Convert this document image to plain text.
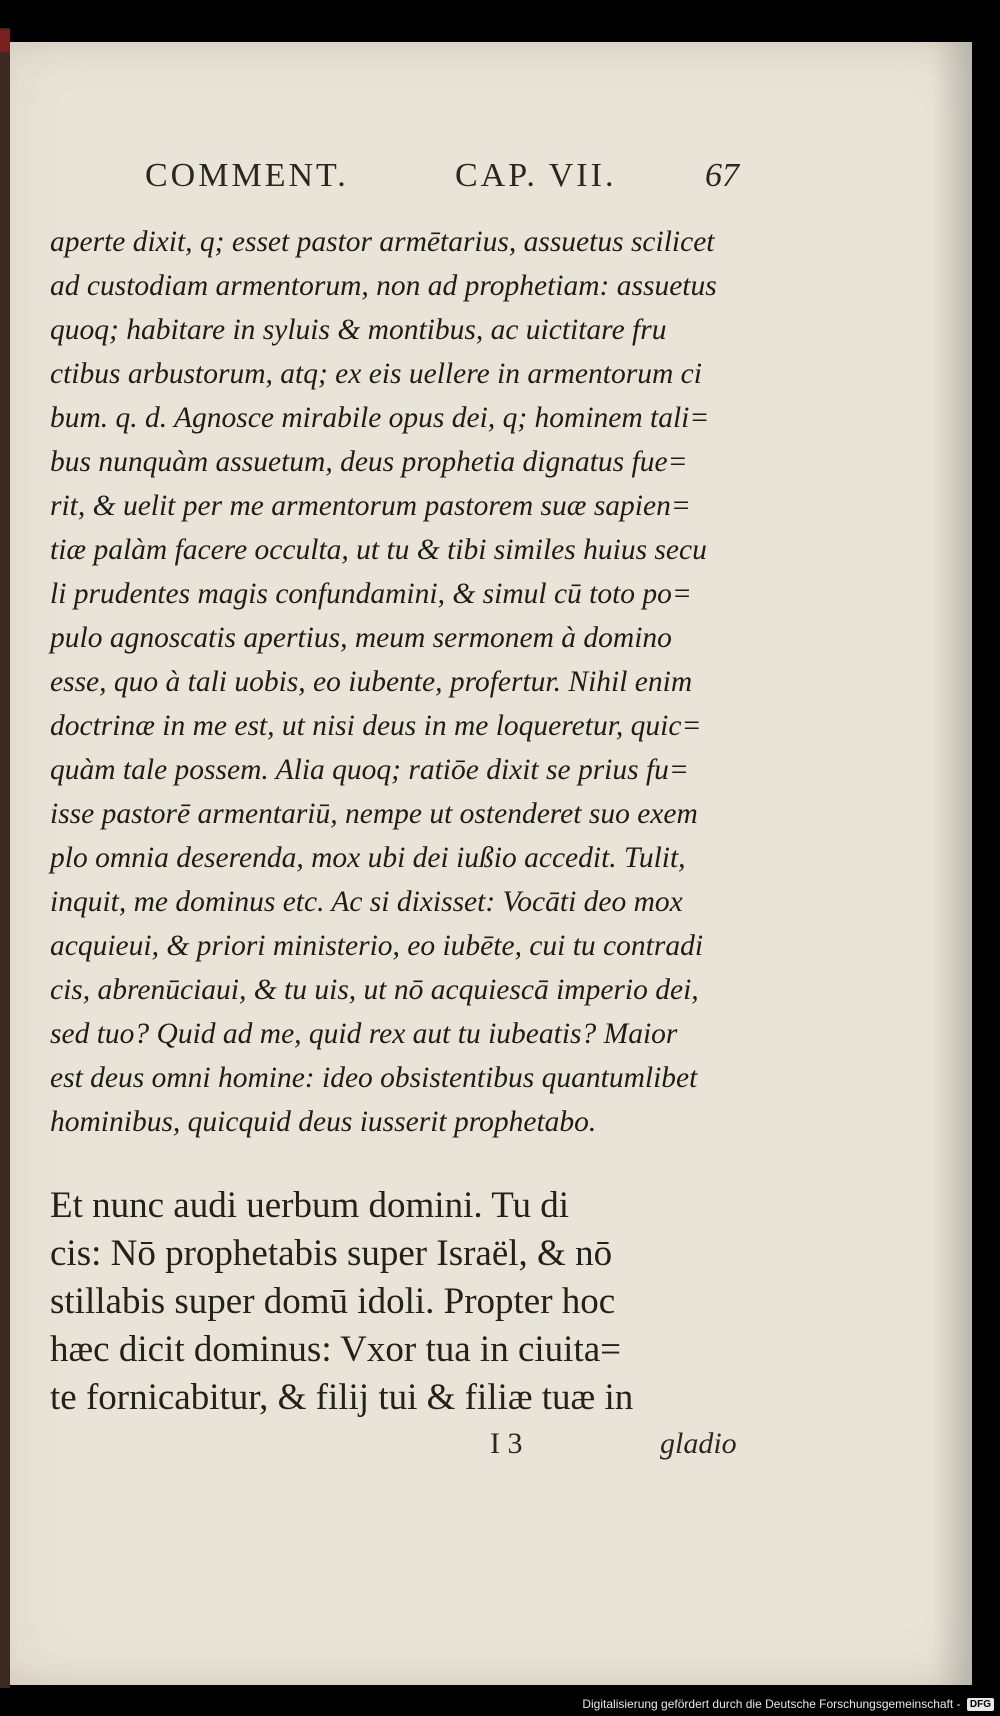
COMMENT.	CAP. VII.	67
aperte dixit, q; esset pastor armētarius, assuetus scilicet
ad custodiam armentorum, non ad prophetiam: assuetus
quoq; habitare in syluis & montibus, ac uictitare fru
ctibus arbustorum, atq; ex eis uellere in armentorum ci
bum. q. d. Agnosce mirabile opus dei, q; hominem tali=
bus nunquàm assuetum, deus prophetia dignatus fue=
rit, & uelit per me armentorum pastorem suæ sapien=
tiæ palàm facere occulta, ut tu & tibi similes huius secu
li prudentes magis confundamini, & simul cū toto po=
pulo agnoscatis apertius, meum sermonem à domino
esse, quo à tali uobis, eo iubente, profertur. Nihil enim
doctrinæ in me est, ut nisi deus in me loqueretur, quic=
quàm tale possem. Alia quoq; ratiōe dixit se prius fu=
isse pastorē armentariū, nempe ut ostenderet suo exem
plo omnia deserenda, mox ubi dei iußio accedit. Tulit,
inquit, me dominus etc. Ac si dixisset: Vocāti deo mox
acquieui, & priori ministerio, eo iubēte, cui tu contradi
cis, abrenūciaui, & tu uis, ut nō acquiescā imperio dei,
sed tuo? Quid ad me, quid rex aut tu iubeatis? Maior
est deus omni homine: ideo obsistentibus quantumlibet
hominibus, quicquid deus iusserit prophetabo.
Et nunc audi uerbum domini. Tu di
cis: Nō prophetabis super Israël, & nō
stillabis super domū idoli. Propter hoc
hæc dicit dominus: Vxor tua in ciuita=
te fornicabitur, & filij tui & filiæ tuæ in
I 3	gladio
Digitalisierung gefördert durch die Deutsche Forschungsgemeinschaft - DFG
